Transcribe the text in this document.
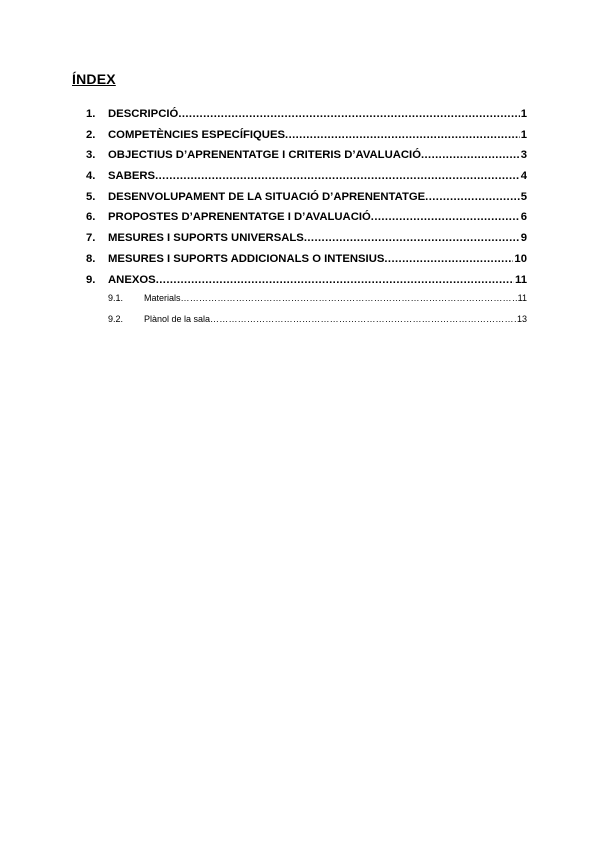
ÍNDEX
1.	DESCRIPCIÓ .....	1
2.	COMPETÈNCIES ESPECÍFIQUES .....	1
3.	OBJECTIUS D’APRENENTATGE I CRITERIS D’AVALUACIÓ .....	3
4.	SABERS .....	4
5.	DESENVOLUPAMENT DE LA SITUACIÓ D’APRENENTATGE .....	5
6.	PROPOSTES D’APRENENTATGE I D’AVALUACIÓ .....	6
7.	MESURES I SUPORTS UNIVERSALS .....	9
8.	MESURES I SUPORTS ADDICIONALS O INTENSIUS .....	10
9.	ANEXOS .....	11
9.1.	Materials ……………………………………………………………………………………………………………………………………………………………………………………………………	11
9.2.	Plànol de la sala ……………………………………………………………………………………………………………………………………………………………………………………………………	13
